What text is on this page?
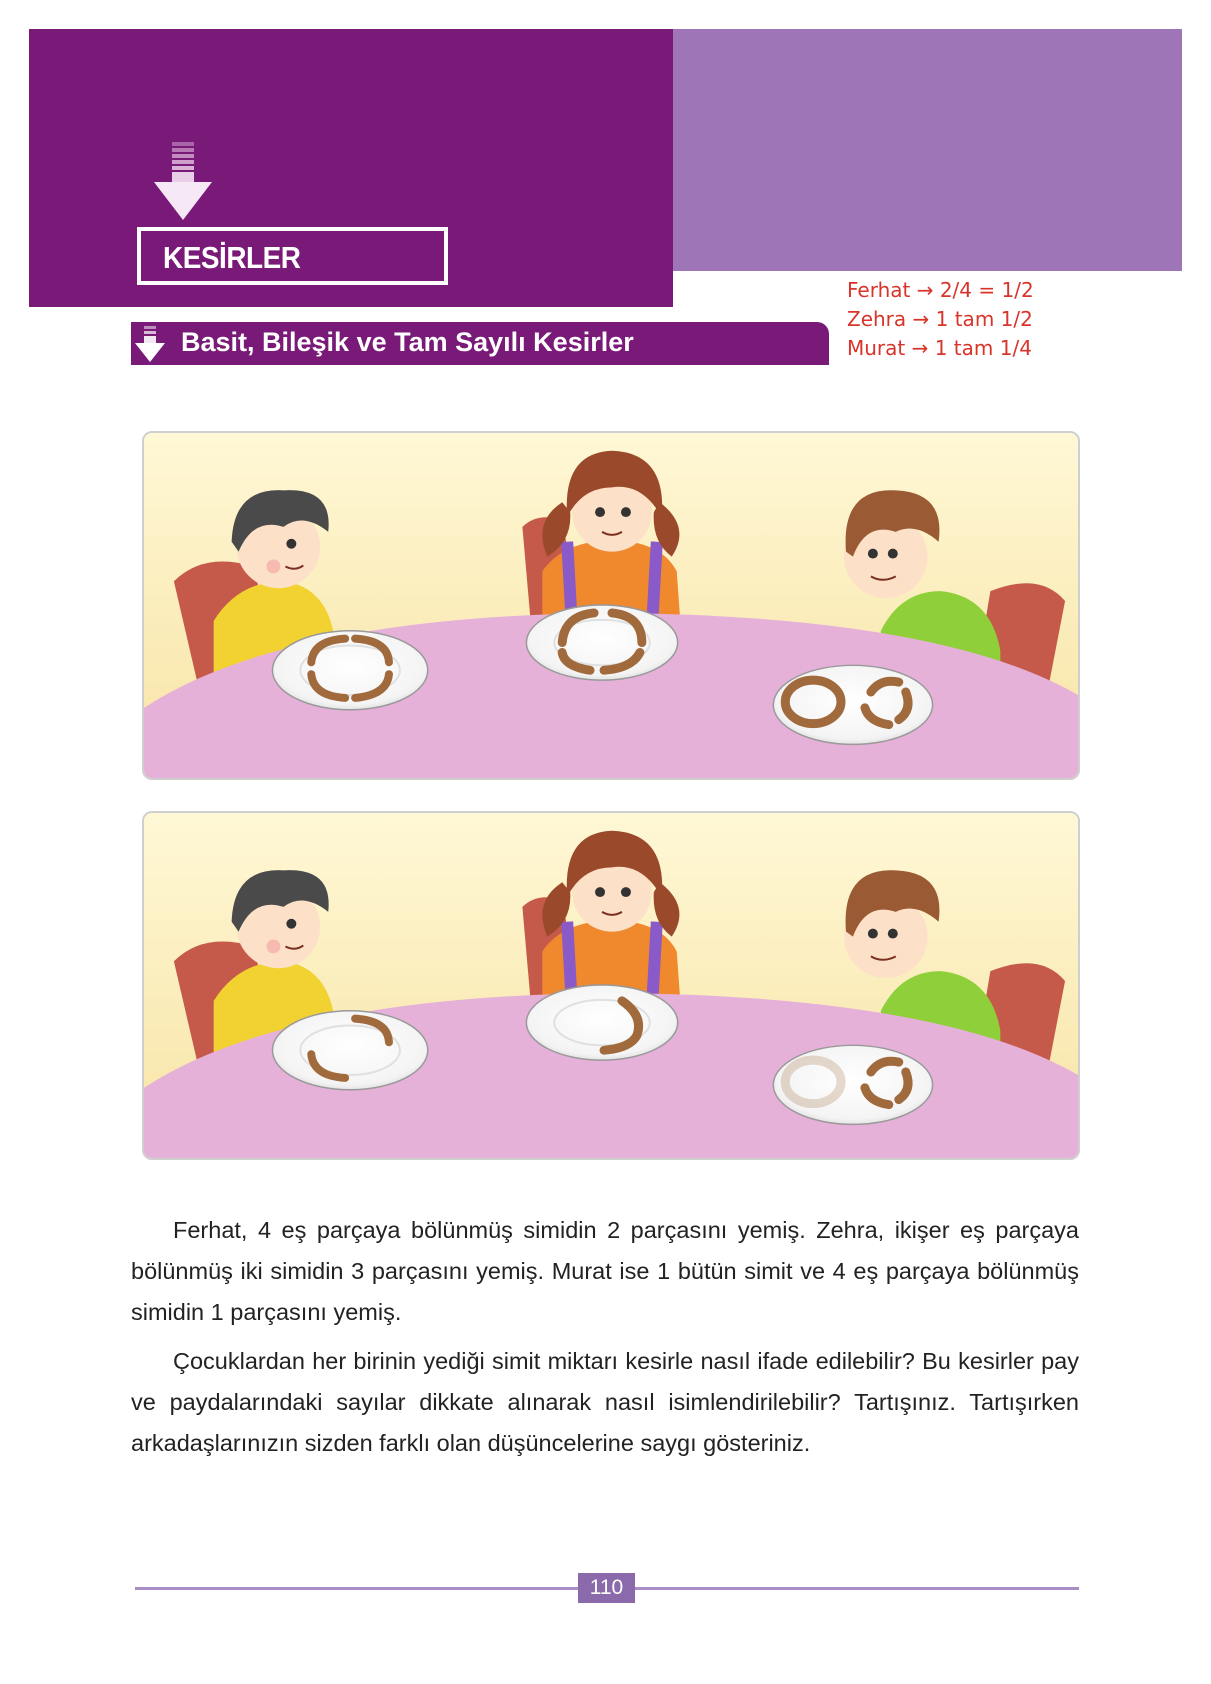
KESİRLER
Basit, Bileşik ve Tam Sayılı Kesirler
Ferhat → 2/4 = 1/2
Zehra → 1 tam 1/2
Murat → 1 tam 1/4

Ferhat, 4 eş parçaya bölünmüş simidin 2 parçasını yemiş. Zehra, ikişer eş parçaya bölünmüş iki simidin 3 parçasını yemiş. Murat ise 1 bütün simit ve 4 eş parçaya bölünmüş simidin 1 parçasını yemiş.

Çocuklardan her birinin yediği simit miktarı kesirle nasıl ifade edilebilir? Bu kesirler pay ve paydalarındaki sayılar dikkate alınarak nasıl isimlendirilebilir? Tartışınız. Tartışırken arkadaşlarınızın sizden farklı olan düşüncelerine saygı gösteriniz.

110
